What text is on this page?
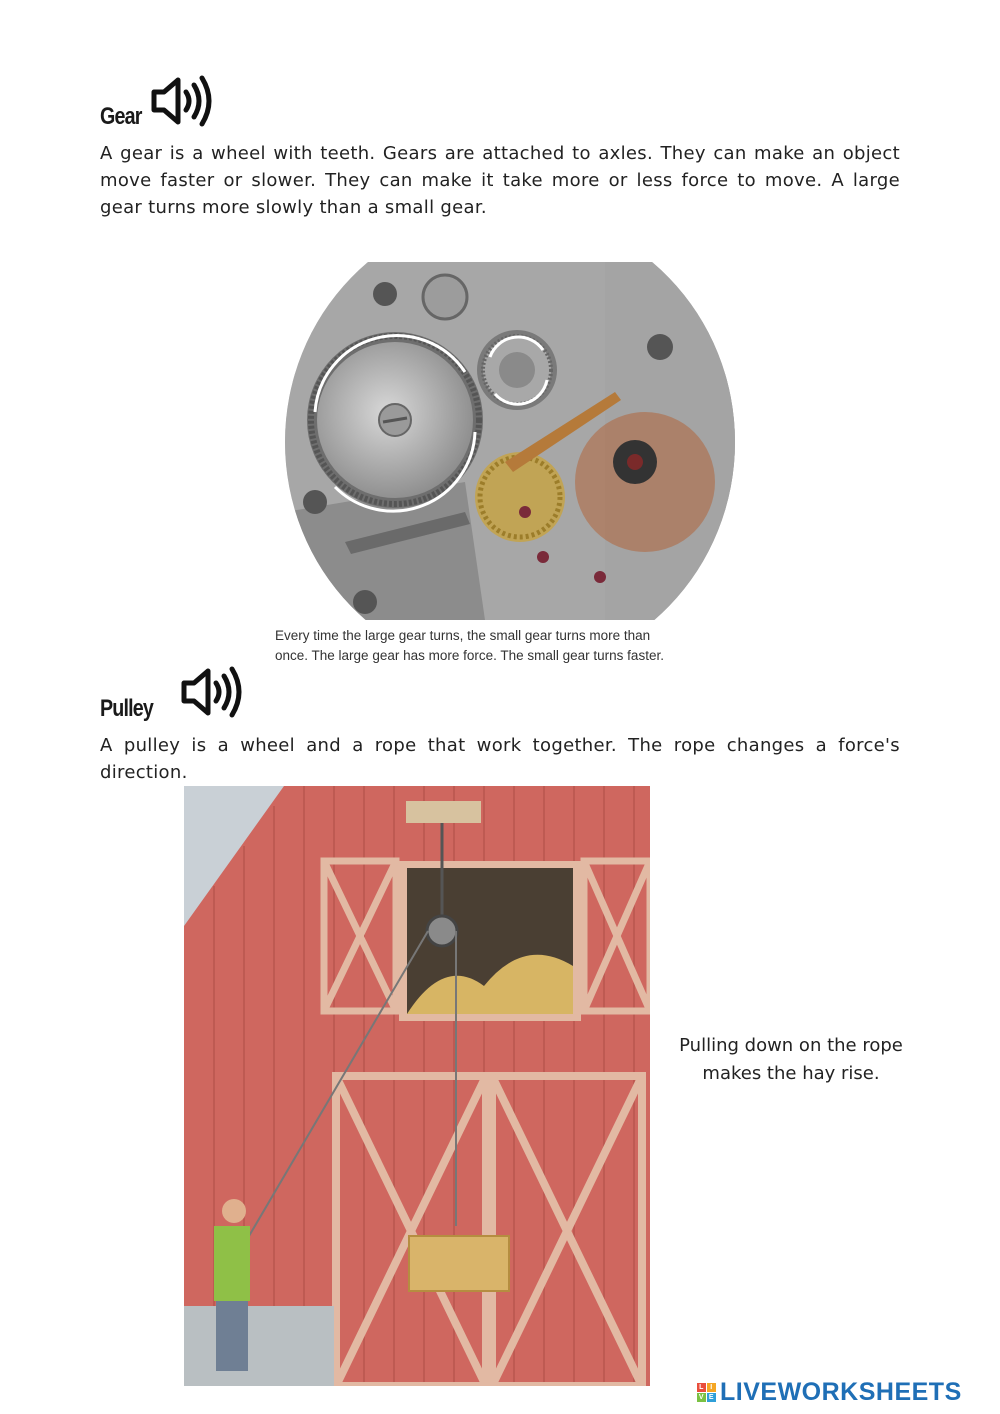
Gear
A gear is a wheel with teeth. Gears are attached to axles. They can make an object move faster or slower. They can make it take more or less force to move. A large gear turns more slowly than a small gear.
Every time the large gear turns, the small gear turns more than
once. The large gear has more force. The small gear turns faster.
Pulley
A pulley is a wheel and a rope that work together. The rope changes a force's direction.
Pulling down on the rope
makes the hay rise.
L I
V E LIVEWORKSHEETS
